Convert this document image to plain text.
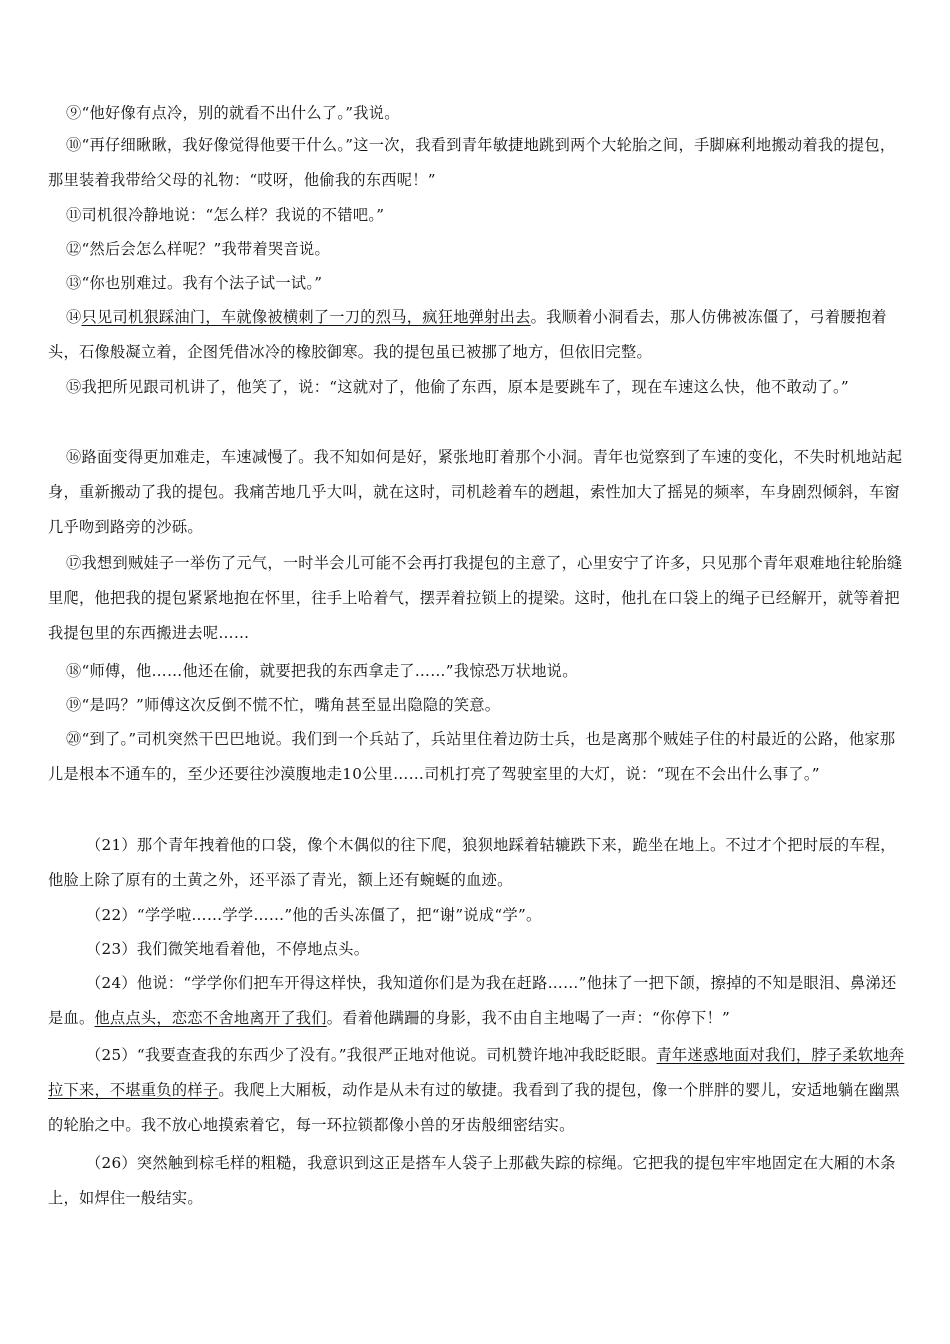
⑨“他好像有点冷，别的就看不出什么了。”我说。

⑩“再仔细瞅瞅，我好像觉得他要干什么。”这一次，我看到青年敏捷地跳到两个大轮胎之间，手脚麻利地搬动着我的提包，那里装着我带给父母的礼物：“哎呀，他偷我的东西呢！”

⑪司机很冷静地说：“怎么样？我说的不错吧。”

⑫“然后会怎么样呢？”我带着哭音说。

⑬“你也别难过。我有个法子试一试。”

⑭只见司机狠踩油门，车就像被横刺了一刀的烈马，疯狂地弹射出去。我顺着小洞看去，那人仿佛被冻僵了，弓着腰抱着头，石像般凝立着，企图凭借冰冷的橡胶御寒。我的提包虽已被挪了地方，但依旧完整。

⑮我把所见跟司机讲了，他笑了，说：“这就对了，他偷了东西，原本是要跳车了，现在车速这么快，他不敢动了。”

⑯路面变得更加难走，车速减慢了。我不知如何是好，紧张地盯着那个小洞。青年也觉察到了车速的变化，不失时机地站起身，重新搬动了我的提包。我痛苦地几乎大叫，就在这时，司机趁着车的趔趄，索性加大了摇晃的频率，车身剧烈倾斜，车窗几乎吻到路旁的沙砾。

⑰我想到贼娃子一举伤了元气，一时半会儿可能不会再打我提包的主意了，心里安宁了许多，只见那个青年艰难地往轮胎缝里爬，他把我的提包紧紧地抱在怀里，往手上哈着气，摆弄着拉锁上的提梁。这时，他扎在口袋上的绳子已经解开，就等着把我提包里的东西搬进去呢……

⑱“师傅，他……他还在偷，就要把我的东西拿走了……”我惊恐万状地说。

⑲“是吗？”师傅这次反倒不慌不忙，嘴角甚至显出隐隐的笑意。

⑳“到了。”司机突然干巴巴地说。我们到一个兵站了，兵站里住着边防士兵，也是离那个贼娃子住的村最近的公路，他家那儿是根本不通车的，至少还要往沙漠腹地走10公里……司机打亮了驾驶室里的大灯，说：“现在不会出什么事了。”

（21）那个青年拽着他的口袋，像个木偶似的往下爬，狼狈地踩着轱辘跌下来，跪坐在地上。不过才个把时辰的车程，他脸上除了原有的土黄之外，还平添了青光，额上还有蜿蜒的血迹。

（22）“学学啦……学学……”他的舌头冻僵了，把“谢”说成“学”。

（23）我们微笑地看着他，不停地点头。

（24）他说：“学学你们把车开得这样快，我知道你们是为我在赶路……”他抹了一把下颌，擦掉的不知是眼泪、鼻涕还是血。他点点头，恋恋不舍地离开了我们。看着他蹒跚的身影，我不由自主地喝了一声：“你停下！”

（25）“我要查查我的东西少了没有。”我很严正地对他说。司机赞许地冲我眨眨眼。青年迷惑地面对我们，脖子柔软地奔拉下来，不堪重负的样子。我爬上大厢板，动作是从未有过的敏捷。我看到了我的提包，像一个胖胖的婴儿，安适地躺在幽黑的轮胎之中。我不放心地摸索着它，每一环拉锁都像小兽的牙齿般细密结实。

（26）突然触到棕毛样的粗糙，我意识到这正是搭车人袋子上那截失踪的棕绳。它把我的提包牢牢地固定在大厢的木条上，如焊住一般结实。
